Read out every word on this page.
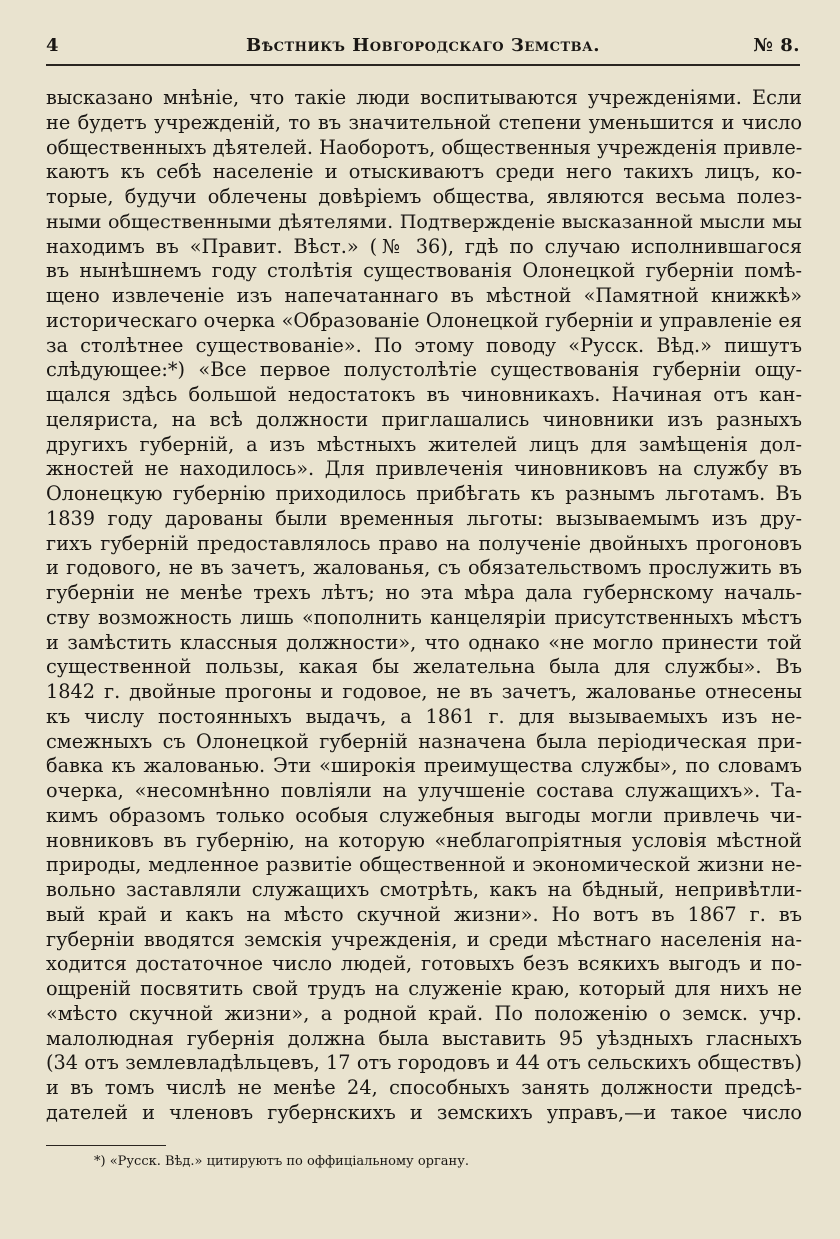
4	Вѣстникъ Новгородскаго Земства.	№ 8.
высказано мнѣніе, что такіе люди воспитываются учрежденіями. Если
не будетъ учрежденій, то въ значительной степени уменьшится и число
общественныхъ дѣятелей. Наоборотъ, общественныя учрежденія привле-
каютъ къ себѣ населеніе и отыскиваютъ среди него такихъ лицъ, ко-
торые, будучи облечены довѣріемъ общества, являются весьма полез-
ными общественными дѣятелями. Подтвержденіе высказанной мысли мы
находимъ въ «Правит. Вѣст.» (№ 36), гдѣ по случаю исполнившагося
въ нынѣшнемъ году столѣтія существованія Олонецкой губерніи помѣ-
щено извлеченіе изъ напечатаннаго въ мѣстной «Памятной книжкѣ»
историческаго очерка «Образованіе Олонецкой губерніи и управленіе ея
за столѣтнее существованіе». По этому поводу «Русск. Вѣд.» пишутъ
слѣдующее:*) «Все первое полустолѣтіе существованія губерніи ощу-
щался здѣсь большой недостатокъ въ чиновникахъ. Начиная отъ кан-
целяриста, на всѣ должности приглашались чиновники изъ разныхъ
другихъ губерній, а изъ мѣстныхъ жителей лицъ для замѣщенія дол-
жностей не находилось». Для привлеченія чиновниковъ на службу въ
Олонецкую губернію приходилось прибѣгать къ разнымъ льготамъ. Въ
1839 году дарованы были временныя льготы: вызываемымъ изъ дру-
гихъ губерній предоставлялось право на полученіе двойныхъ прогоновъ
и годового, не въ зачетъ, жалованья, съ обязательствомъ прослужить въ
губерніи не менѣе трехъ лѣтъ; но эта мѣра дала губернскому началь-
ству возможность лишь «пополнить канцеляріи присутственныхъ мѣстъ
и замѣстить классныя должности», что однако «не могло принести той
существенной пользы, какая бы желательна была для службы». Въ
1842 г. двойные прогоны и годовое, не въ зачетъ, жалованье отнесены
къ числу постоянныхъ выдачъ, а 1861 г. для вызываемыхъ изъ не-
смежныхъ съ Олонецкой губерній назначена была періодическая при-
бавка къ жалованью. Эти «широкія преимущества службы», по словамъ
очерка, «несомнѣнно повліяли на улучшеніе состава служащихъ». Та-
кимъ образомъ только особыя служебныя выгоды могли привлечь чи-
новниковъ въ губернію, на которую «неблагопріятныя условія мѣстной
природы, медленное развитіе общественной и экономической жизни не-
вольно заставляли служащихъ смотрѣть, какъ на бѣдный, непривѣтли-
вый край и какъ на мѣсто скучной жизни». Но вотъ въ 1867 г. въ
губерніи вводятся земскія учрежденія, и среди мѣстнаго населенія на-
ходится достаточное число людей, готовыхъ безъ всякихъ выгодъ и по-
ощреній посвятить свой трудъ на служеніе краю, который для нихъ не
«мѣсто скучной жизни», а родной край. По положенію о земск. учр.
малолюдная губернія должна была выставить 95 уѣздныхъ гласныхъ
(34 отъ землевладѣльцевъ, 17 отъ городовъ и 44 отъ сельскихъ обществъ)
и въ томъ числѣ не менѣе 24, способныхъ занять должности предсѣ-
дателей и членовъ губернскихъ и земскихъ управъ,—и такое число
*) «Русск. Вѣд.» цитируютъ по оффиціальному органу.
